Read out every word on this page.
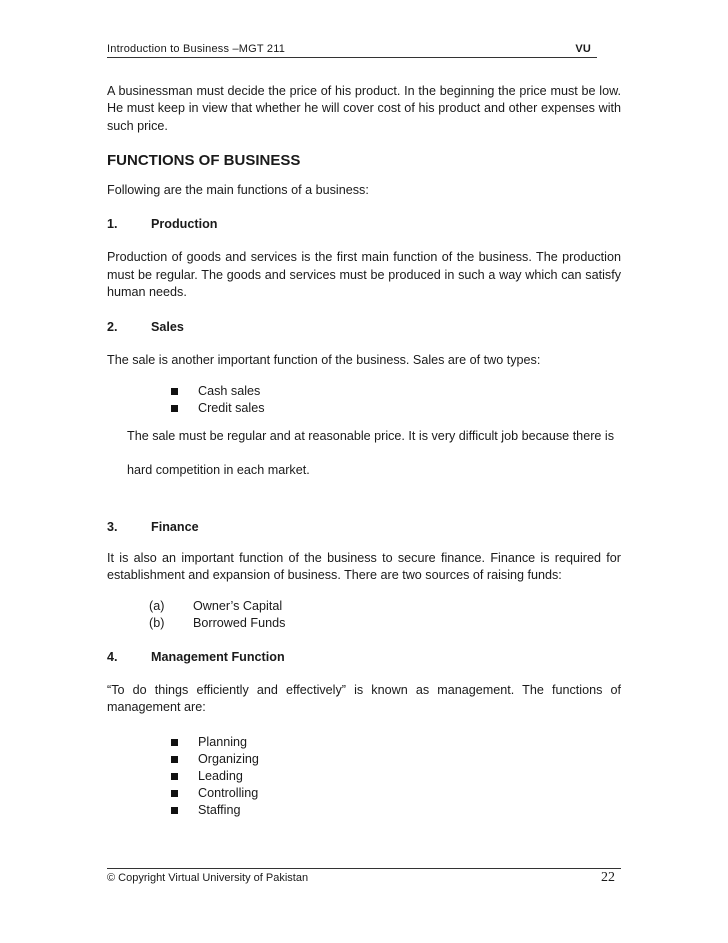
Introduction to Business –MGT 211	VU

A businessman must decide the price of his product. In the beginning the price must be low. He must keep in view that whether he will cover cost of his product and other expenses with such price.

FUNCTIONS OF BUSINESS

Following are the main functions of a business:

1.	Production

Production of goods and services is the first main function of the business. The production must be regular. The goods and services must be produced in such a way which can satisfy human needs.

2.	Sales

The sale is another important function of the business. Sales are of two types:

Cash sales
Credit sales

The sale must be regular and at reasonable price. It is very difficult job because there is

hard competition in each market.

3.	Finance

It is also an important function of the business to secure finance. Finance is required for establishment and expansion of business. There are two sources of raising funds:

(a)	Owner’s Capital
(b)	Borrowed Funds
4.	Management Function

“To do things efficiently and effectively” is known as management. The functions of management are:

Planning
Organizing
Leading
Controlling
Staffing
© Copyright Virtual University of Pakistan	22
